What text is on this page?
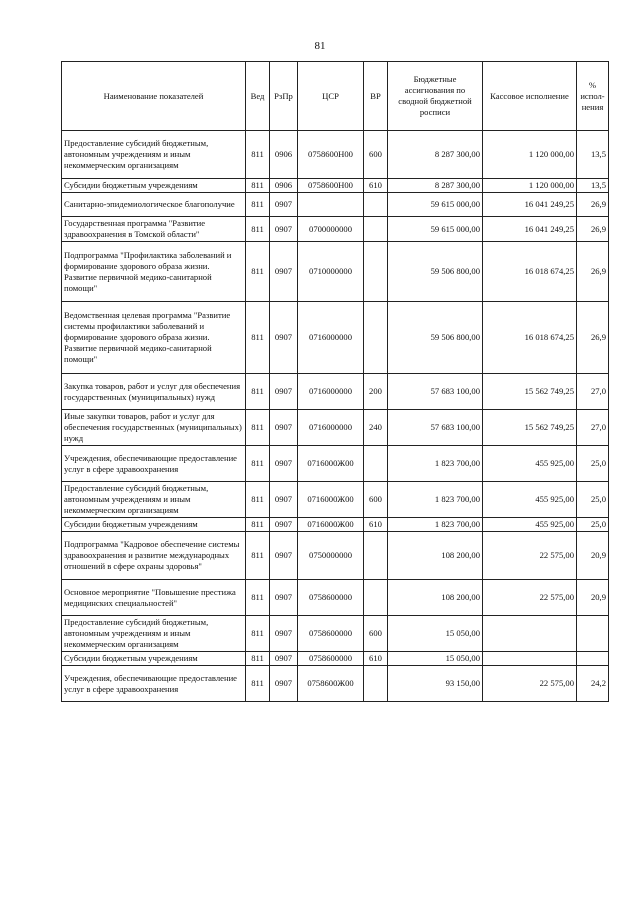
81
Наименование показателей	Вед	РзПр	ЦСР	ВР	Бюджетные ассигнования по сводной бюджетной росписи	Кассовое исполнение	% испол-нения
Предоставление субсидий бюджетным, автономным учреждениям и иным некоммерческим организациям	811	0906	0758600Н00	600	8 287 300,00	1 120 000,00	13,5
Субсидии бюджетным учреждениям	811	0906	0758600Н00	610	8 287 300,00	1 120 000,00	13,5
Санитарно-эпидемиологическое благополучие	811	0907			59 615 000,00	16 041 249,25	26,9
Государственная программа "Развитие здравоохранения в Томской области"	811	0907	0700000000		59 615 000,00	16 041 249,25	26,9
Подпрограмма "Профилактика заболеваний и формирование здорового образа жизни. Развитие первичной медико-санитарной помощи"	811	0907	0710000000		59 506 800,00	16 018 674,25	26,9
Ведомственная целевая программа "Развитие системы профилактики заболеваний и формирование здорового образа жизни. Развитие первичной медико-санитарной помощи"	811	0907	0716000000		59 506 800,00	16 018 674,25	26,9
Закупка товаров, работ и услуг для обеспечения государственных (муниципальных) нужд	811	0907	0716000000	200	57 683 100,00	15 562 749,25	27,0
Иные закупки товаров, работ и услуг для обеспечения государственных (муниципальных) нужд	811	0907	0716000000	240	57 683 100,00	15 562 749,25	27,0
Учреждения, обеспечивающие предоставление услуг в сфере здравоохранения	811	0907	0716000Ж00		1 823 700,00	455 925,00	25,0
Предоставление субсидий бюджетным, автономным учреждениям и иным некоммерческим организациям	811	0907	0716000Ж00	600	1 823 700,00	455 925,00	25,0
Субсидии бюджетным учреждениям	811	0907	0716000Ж00	610	1 823 700,00	455 925,00	25,0
Подпрограмма "Кадровое обеспечение системы здравоохранения и развитие международных отношений в сфере охраны здоровья"	811	0907	0750000000		108 200,00	22 575,00	20,9
Основное мероприятие "Повышение престижа медицинских специальностей"	811	0907	0758600000		108 200,00	22 575,00	20,9
Предоставление субсидий бюджетным, автономным учреждениям и иным некоммерческим организациям	811	0907	0758600000	600	15 050,00		
Субсидии бюджетным учреждениям	811	0907	0758600000	610	15 050,00		
Учреждения, обеспечивающие предоставление услуг в сфере здравоохранения	811	0907	0758600Ж00		93 150,00	22 575,00	24,2
